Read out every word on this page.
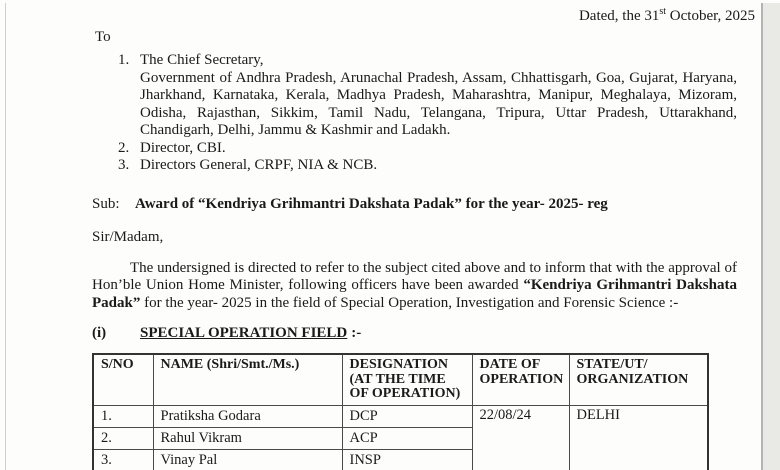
Dated, the 31st October, 2025
To
1. The Chief Secretary,
Government of Andhra Pradesh, Arunachal Pradesh, Assam, Chhattisgarh, Goa, Gujarat, Haryana, Jharkhand, Karnataka, Kerala, Madhya Pradesh, Maharashtra, Manipur, Meghalaya, Mizoram, Odisha, Rajasthan, Sikkim, Tamil Nadu, Telangana, Tripura, Uttar Pradesh, Uttarakhand, Chandigarh, Delhi, Jammu & Kashmir and Ladakh.
2. Director, CBI.
3. Directors General, CRPF, NIA & NCB.
Sub:	Award of “Kendriya Grihmantri Dakshata Padak” for the year- 2025- reg
Sir/Madam,
The undersigned is directed to refer to the subject cited above and to inform that with the approval of Hon’ble Union Home Minister, following officers have been awarded “Kendriya Grihmantri Dakshata Padak” for the year- 2025 in the field of Special Operation, Investigation and Forensic Science :-
(i) SPECIAL OPERATION FIELD :-
S/NO	NAME (Shri/Smt./Ms.)	DESIGNATION (AT THE TIME OF OPERATION)	DATE OF OPERATION	STATE/UT/ ORGANIZATION
1.	Pratiksha Godara	DCP	22/08/24	DELHI
2.	Rahul Vikram	ACP		
3.	Vinay Pal	INSP		
